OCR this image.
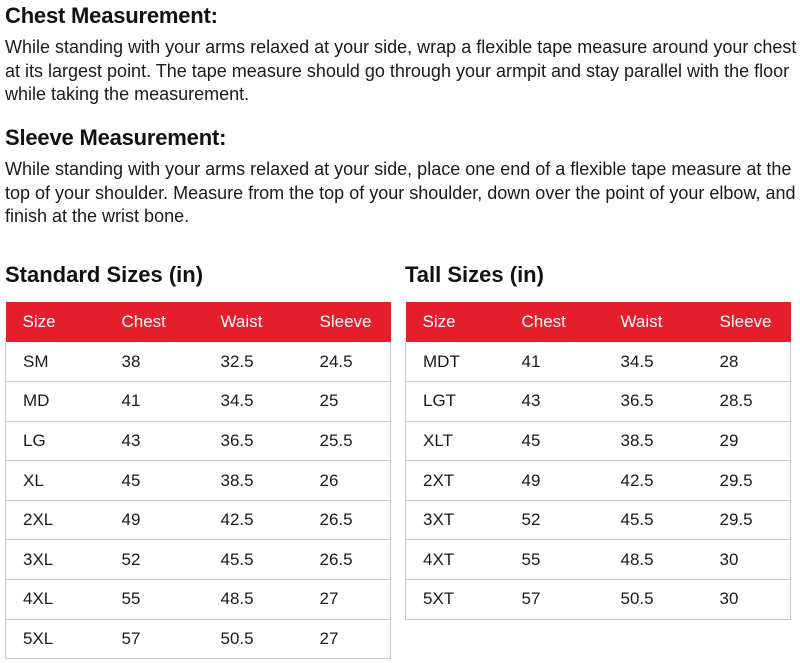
Chest Measurement:

While standing with your arms relaxed at your side, wrap a flexible tape measure around your chest at its largest point. The tape measure should go through your armpit and stay parallel with the floor while taking the measurement.

Sleeve Measurement:

While standing with your arms relaxed at your side, place one end of a flexible tape measure at the top of your shoulder. Measure from the top of your shoulder, down over the point of your elbow, and finish at the wrist bone.

Standard Sizes (in)
Size	Chest	Waist	Sleeve
SM	38	32.5	24.5
MD	41	34.5	25
LG	43	36.5	25.5
XL	45	38.5	26
2XL	49	42.5	26.5
3XL	52	45.5	26.5
4XL	55	48.5	27
5XL	57	50.5	27
Tall Sizes (in)
Size	Chest	Waist	Sleeve
MDT	41	34.5	28
LGT	43	36.5	28.5
XLT	45	38.5	29
2XT	49	42.5	29.5
3XT	52	45.5	29.5
4XT	55	48.5	30
5XT	57	50.5	30
